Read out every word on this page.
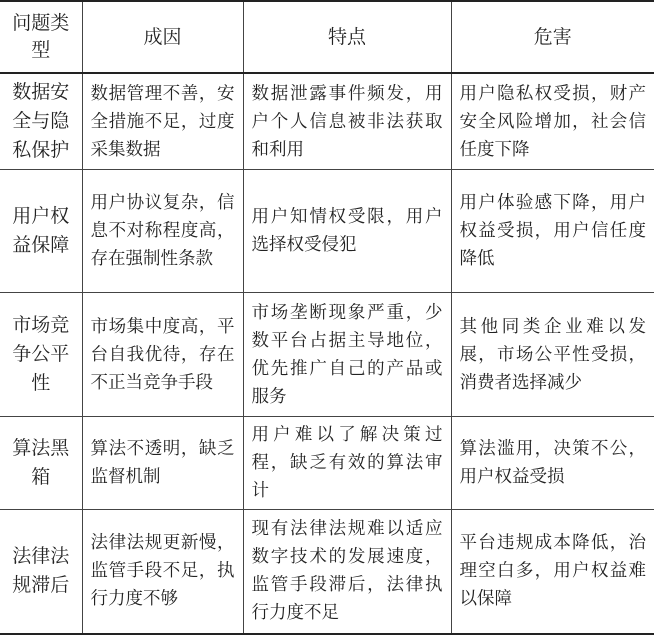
问题类型	成因	特点	危害
数据安全与隐私保护	数据管理不善，安全措施不足，过度采集数据	数据泄露事件频发，用户个人信息被非法获取和利用	用户隐私权受损，财产安全风险增加，社会信任度下降
用户权益保障	用户协议复杂，信息不对称程度高，存在强制性条款	用户知情权受限，用户选择权受侵犯	用户体验感下降，用户权益受损，用户信任度降低
市场竞争公平性	市场集中度高，平台自我优待，存在不正当竞争手段	市场垄断现象严重，少数平台占据主导地位，优先推广自己的产品或服务	其他同类企业难以发展，市场公平性受损，消费者选择减少
算法黑箱	算法不透明，缺乏监督机制	用户难以了解决策过程，缺乏有效的算法审计	算法滥用，决策不公，用户权益受损
法律法规滞后	法律法规更新慢，监管手段不足，执行力度不够	现有法律法规难以适应数字技术的发展速度，监管手段滞后，法律执行力度不足	平台违规成本降低，治理空白多，用户权益难以保障
